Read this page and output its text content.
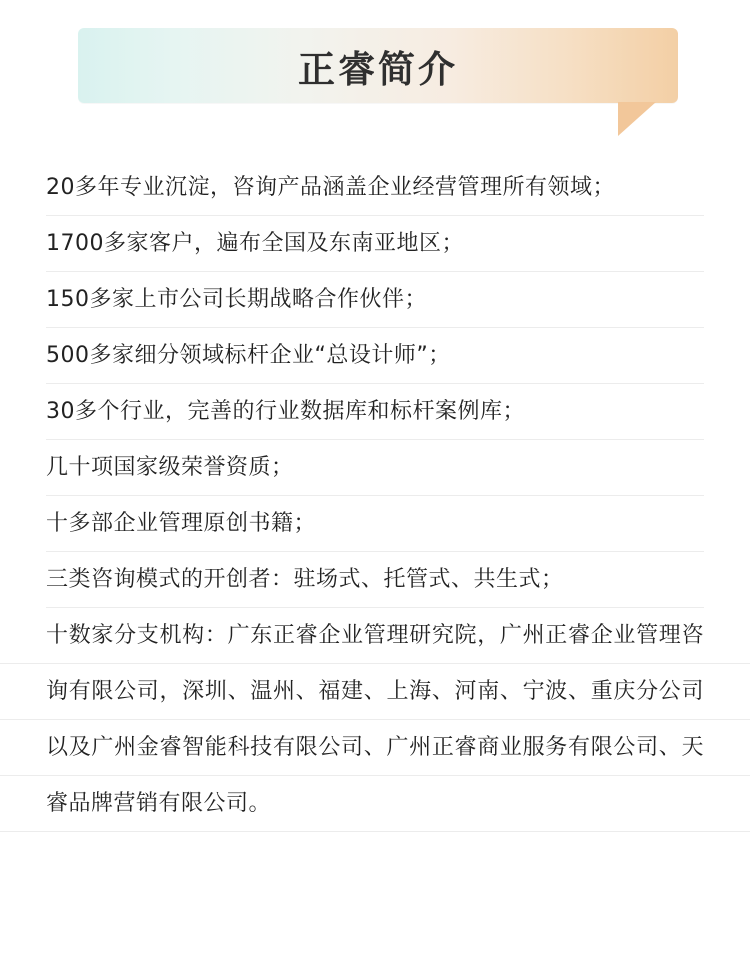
正睿简介
20多年专业沉淀，咨询产品涵盖企业经营管理所有领域；
1700多家客户，遍布全国及东南亚地区；
150多家上市公司长期战略合作伙伴；
500多家细分领域标杆企业“总设计师”；
30多个行业，完善的行业数据库和标杆案例库；
几十项国家级荣誉资质；
十多部企业管理原创书籍；
三类咨询模式的开创者：驻场式、托管式、共生式；
十数家分支机构：广东正睿企业管理研究院，广州正睿企业管理咨询有限公司，深圳、温州、福建、上海、河南、宁波、重庆分公司以及广州金睿智能科技有限公司、广州正睿商业服务有限公司、天睿品牌营销有限公司。
